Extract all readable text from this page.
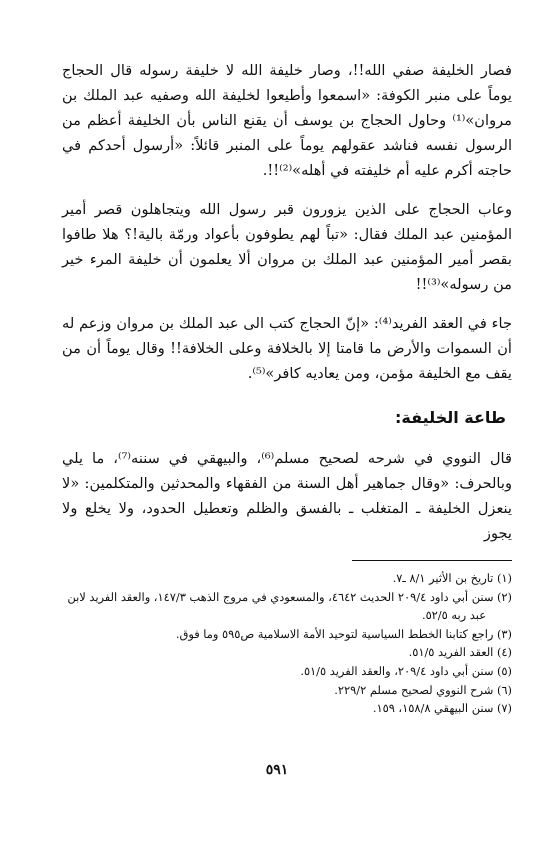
فصار الخليفة صفي الله!!، وصار خليفة الله لا خليفة رسوله قال الحجاج يوماً على منبر الكوفة: «اسمعوا وأطيعوا لخليفة الله وصفيه عبد الملك بن مروان»⁽¹⁾ وحاول الحجاج بن يوسف أن يقنع الناس بأن الخليفة أعظم من الرسول نفسه فناشد عقولهم يوماً على المنبر قائلاً: «أرسول أحدكم في حاجته أكرم عليه أم خليفته في أهله»⁽²⁾!!.

وعاب الحجاج على الذين يزورون قبر رسول الله ويتجاهلون قصر أمير المؤمنين عبد الملك فقال: «تباً لهم يطوفون بأعواد ورمّة بالية!؟ هلا طافوا بقصر أمير المؤمنين عبد الملك بن مروان ألا يعلمون أن خليفة المرء خير من رسوله»⁽³⁾!!

جاء في العقد الفريد⁽⁴⁾: «إنّ الحجاج كتب الى عبد الملك بن مروان وزعم له أن السموات والأرض ما قامتا إلا بالخلافة وعلى الخلافة!! وقال يوماً أن من يقف مع الخليفة مؤمن، ومن يعاديه كافر»⁽⁵⁾.

طاعة الخليفة:

قال النووي في شرحه لصحيح مسلم⁽⁶⁾، والبيهقي في سننه⁽⁷⁾، ما يلي وبالحرف: «وقال جماهير أهل السنة من الفقهاء والمحدثين والمتكلمين: «لا ينعزل الخليفة ـ المتغلب ـ بالفسق والظلم وتعطيل الحدود، ولا يخلع ولا يجوز

(١) تاريخ بن الأثير ٨/١ ـ٧.
(٢) سنن أبي داود ٢٠٩/٤ الحديث ٤٦٤٢، والمسعودي في مروج الذهب ١٤٧/٣، والعقد الفريد لابن
عبد ربه ٥٢/٥.
(٣) راجع كتابنا الخطط السياسية لتوحيد الأمة الاسلامية ص٥٩٥ وما فوق.
(٤) العقد الفريد ٥١/٥.
(٥) سنن أبي داود ٢٠٩/٤، والعقد الفريد ٥١/٥.
(٦) شرح النووي لصحيح مسلم ٢٢٩/٢.
(٧) سنن البيهقي ١٥٨/٨، ١٥٩.
٥٩١
